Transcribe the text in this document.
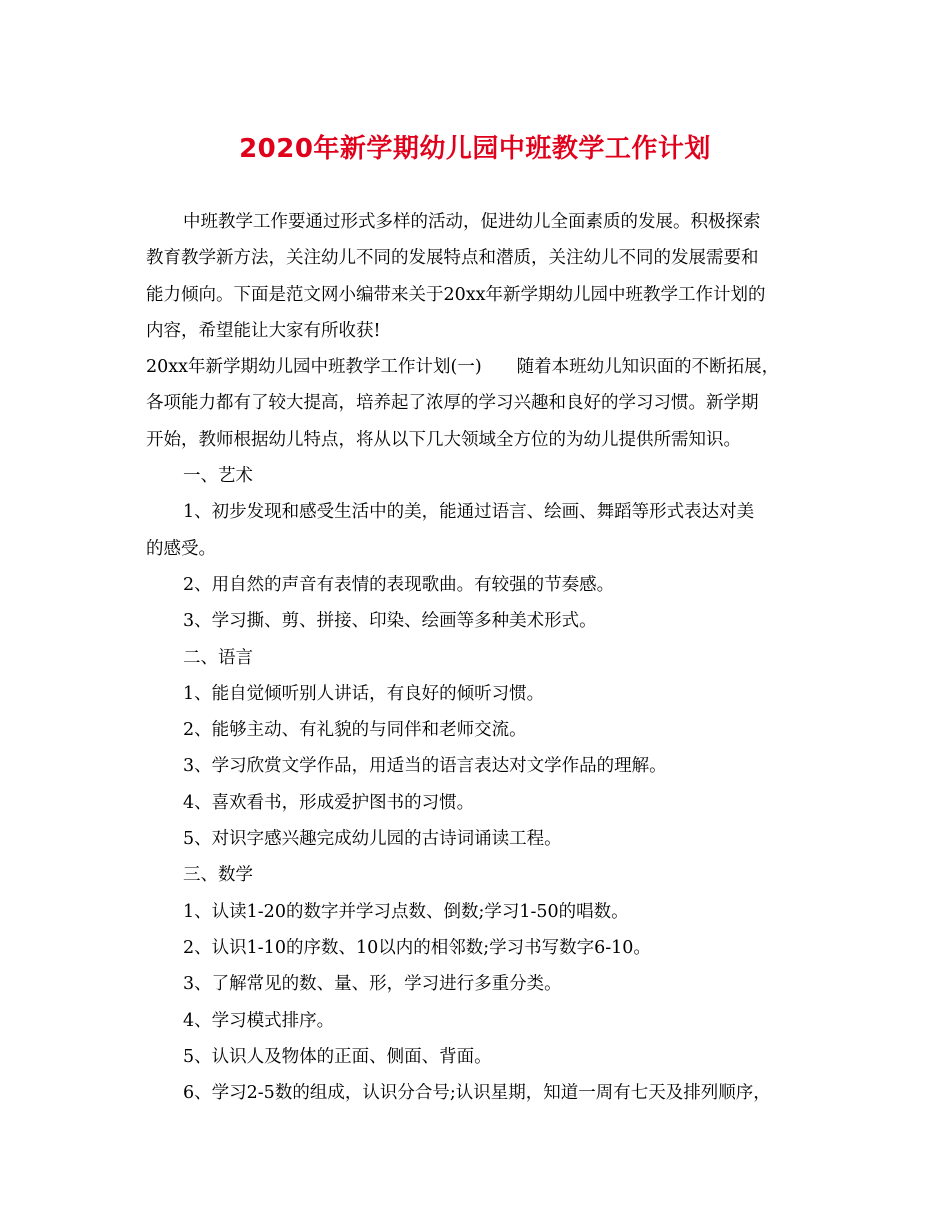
2020年新学期幼儿园中班教学工作计划

中班教学工作要通过形式多样的活动，促进幼儿全面素质的发展。积极探索

教育教学新方法，关注幼儿不同的发展特点和潜质，关注幼儿不同的发展需要和

能力倾向。下面是范文网小编带来关于20xx年新学期幼儿园中班教学工作计划的

内容，希望能让大家有所收获!

20xx年新学期幼儿园中班教学工作计划(一)　　随着本班幼儿知识面的不断拓展，

各项能力都有了较大提高，培养起了浓厚的学习兴趣和良好的学习习惯。新学期

开始，教师根据幼儿特点，将从以下几大领域全方位的为幼儿提供所需知识。

一、艺术

1、初步发现和感受生活中的美，能通过语言、绘画、舞蹈等形式表达对美

的感受。

2、用自然的声音有表情的表现歌曲。有较强的节奏感。

3、学习撕、剪、拼接、印染、绘画等多种美术形式。

二、语言

1、能自觉倾听别人讲话，有良好的倾听习惯。

2、能够主动、有礼貌的与同伴和老师交流。

3、学习欣赏文学作品，用适当的语言表达对文学作品的理解。

4、喜欢看书，形成爱护图书的习惯。

5、对识字感兴趣完成幼儿园的古诗词诵读工程。

三、数学

1、认读1-20的数字并学习点数、倒数;学习1-50的唱数。

2、认识1-10的序数、10以内的相邻数;学习书写数字6-10。

3、了解常见的数、量、形，学习进行多重分类。

4、学习模式排序。

5、认识人及物体的正面、侧面、背面。

6、学习2-5数的组成，认识分合号;认识星期，知道一周有七天及排列顺序，
